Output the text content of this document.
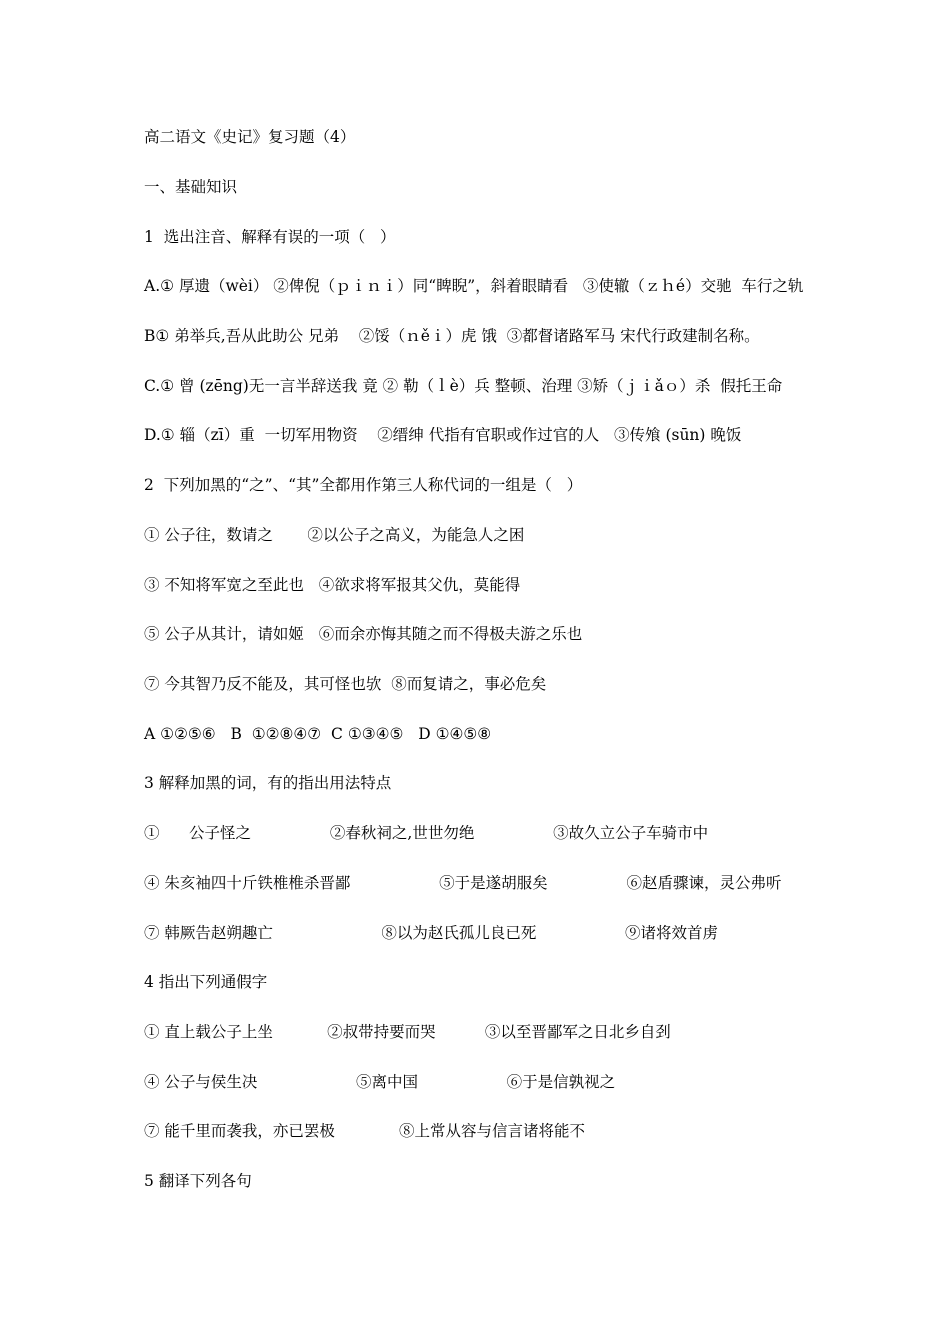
高二语文《史记》复习题（4）
一、基础知识
1  选出注音、解释有误的一项（   ）
A.① 厚遗（wèi） ②俾倪（ｐｉｎｉ）同“睥睨”，斜着眼睛看   ③使辙（ｚｈé）交驰  车行之轨
B① 弟举兵,吾从此助公 兄弟    ②馁（ｎěｉ）虎 饿  ③都督诸路军马 宋代行政建制名称。
C.① 曾 (zēng)无一言半辞送我 竟 ② 勒（ｌè）兵 整顿、治理 ③矫（ｊｉǎｏ）杀  假托王命
D.① 辎（zī）重  一切军用物资    ②缙绅 代指有官职或作过官的人   ③传飧 (sūn) 晚饭
2  下列加黑的“之”、“其”全都用作第三人称代词的一组是（   ）
① 公子往，数请之       ②以公子之高义，为能急人之困
③ 不知将军宽之至此也   ④欲求将军报其父仇，莫能得
⑤ 公子从其计，请如姬   ⑥而余亦悔其随之而不得极夫游之乐也
⑦ 今其智乃反不能及，其可怪也欤  ⑧而复请之，事必危矣
A ①②⑤⑥   B  ①②⑧④⑦  C ①③④⑤   D ①④⑤⑧
3 解释加黑的词，有的指出用法特点
①      公子怪之                ②春秋祠之,世世勿绝                ③故久立公子车骑市中
④ 朱亥袖四十斤铁椎椎杀晋鄙                  ⑤于是遂胡服矣                ⑥赵盾骤谏，灵公弗听
⑦ 韩厥告赵朔趣亡                      ⑧以为赵氏孤儿良已死                  ⑨诸将效首虏
4 指出下列通假字
① 直上载公子上坐           ②叔带持要而哭          ③以至晋鄙军之日北乡自刭
④ 公子与侯生决                    ⑤离中国                  ⑥于是信孰视之
⑦ 能千里而袭我，亦已罢极             ⑧上常从容与信言诸将能不
5 翻译下列各句
